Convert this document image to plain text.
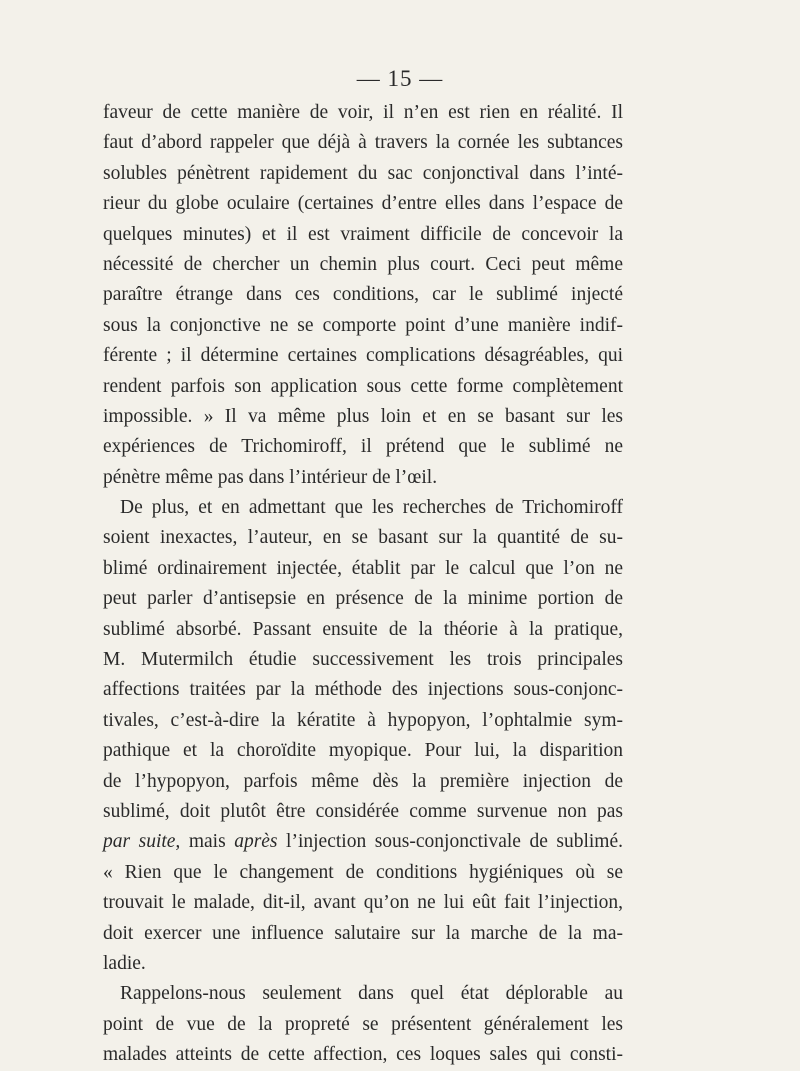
— 15 —
faveur de cette manière de voir, il n’en est rien en réalité. Il
faut d’abord rappeler que déjà à travers la cornée les subtances
solubles pénètrent rapidement du sac conjonctival dans l’inté-
rieur du globe oculaire (certaines d’entre elles dans l’espace de
quelques minutes) et il est vraiment difficile de concevoir la
nécessité de chercher un chemin plus court. Ceci peut même
paraître étrange dans ces conditions, car le sublimé injecté
sous la conjonctive ne se comporte point d’une manière indif-
férente ; il détermine certaines complications désagréables, qui
rendent parfois son application sous cette forme complètement
impossible. » Il va même plus loin et en se basant sur les
expériences de Trichomiroff, il prétend que le sublimé ne
pénètre même pas dans l’intérieur de l’œil.
De plus, et en admettant que les recherches de Trichomiroff
soient inexactes, l’auteur, en se basant sur la quantité de su-
blimé ordinairement injectée, établit par le calcul que l’on ne
peut parler d’antisepsie en présence de la minime portion de
sublimé absorbé. Passant ensuite de la théorie à la pratique,
M. Mutermilch étudie successivement les trois principales
affections traitées par la méthode des injections sous-conjonc-
tivales, c’est-à-dire la kératite à hypopyon, l’ophtalmie sym-
pathique et la choroïdite myopique. Pour lui, la disparition
de l’hypopyon, parfois même dès la première injection de
sublimé, doit plutôt être considérée comme survenue non pas
par suite, mais après l’injection sous-conjonctivale de sublimé.
« Rien que le changement de conditions hygiéniques où se
trouvait le malade, dit-il, avant qu’on ne lui eût fait l’injection,
doit exercer une influence salutaire sur la marche de la ma-
ladie.
Rappelons-nous seulement dans quel état déplorable au
point de vue de la propreté se présentent généralement les
malades atteints de cette affection, ces loques sales qui consti-
